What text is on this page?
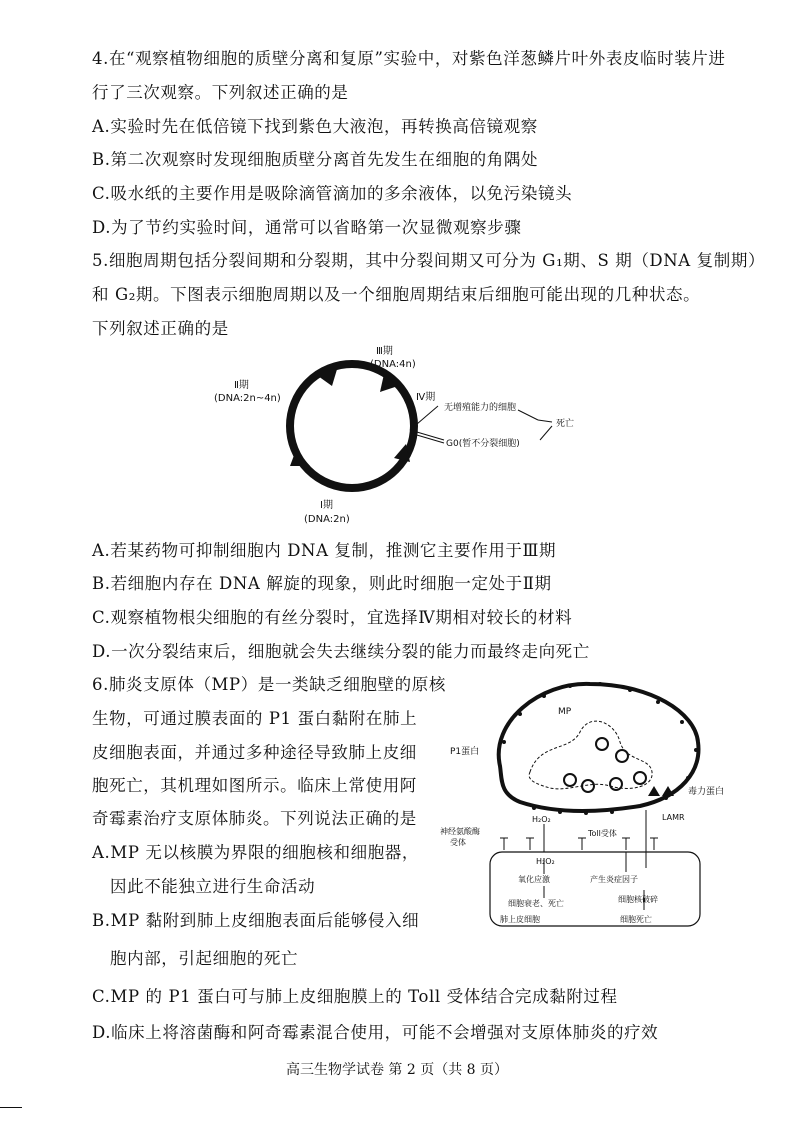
4.在“观察植物细胞的质壁分离和复原”实验中，对紫色洋葱鳞片叶外表皮临时装片进
行了三次观察。下列叙述正确的是
A.实验时先在低倍镜下找到紫色大液泡，再转换高倍镜观察
B.第二次观察时发现细胞质壁分离首先发生在细胞的角隅处
C.吸水纸的主要作用是吸除滴管滴加的多余液体，以免污染镜头
D.为了节约实验时间，通常可以省略第一次显微观察步骤
5.细胞周期包括分裂间期和分裂期，其中分裂间期又可分为 G₁期、S 期（DNA 复制期）
和 G₂期。下图表示细胞周期以及一个细胞周期结束后细胞可能出现的几种状态。
下列叙述正确的是
Ⅲ期
(DNA:4n)
Ⅱ期
(DNA:2n~4n)	Ⅳ期
无增殖能力的细胞
死亡
G0(暂不分裂细胞)
Ⅰ期
(DNA:2n)
A.若某药物可抑制细胞内 DNA 复制，推测它主要作用于Ⅲ期
B.若细胞内存在 DNA 解旋的现象，则此时细胞一定处于Ⅱ期
C.观察植物根尖细胞的有丝分裂时，宜选择Ⅳ期相对较长的材料
D.一次分裂结束后，细胞就会失去继续分裂的能力而最终走向死亡
6.肺炎支原体（MP）是一类缺乏细胞壁的原核
生物，可通过膜表面的 P1 蛋白黏附在肺上
皮细胞表面，并通过多种途径导致肺上皮细
胞死亡，其机理如图所示。临床上常使用阿
奇霉素治疗支原体肺炎。下列说法正确的是
A.MP 无以核膜为界限的细胞核和细胞器，
因此不能独立进行生命活动
B.MP 黏附到肺上皮细胞表面后能够侵入细
胞内部，引起细胞的死亡
C.MP 的 P1 蛋白可与肺上皮细胞膜上的 Toll 受体结合完成黏附过程
D.临床上将溶菌酶和阿奇霉素混合使用，可能不会增强对支原体肺炎的疗效
MP
P1蛋白
毒力蛋白
H₂O₂	LAMR
神经氨酸酶
受体
Toll受体
H₂O₂
氧化应激	产生炎症因子
细胞核破碎
细胞衰老、死亡
细胞死亡
肺上皮细胞
高三生物学试卷 第 2 页（共 8 页）
